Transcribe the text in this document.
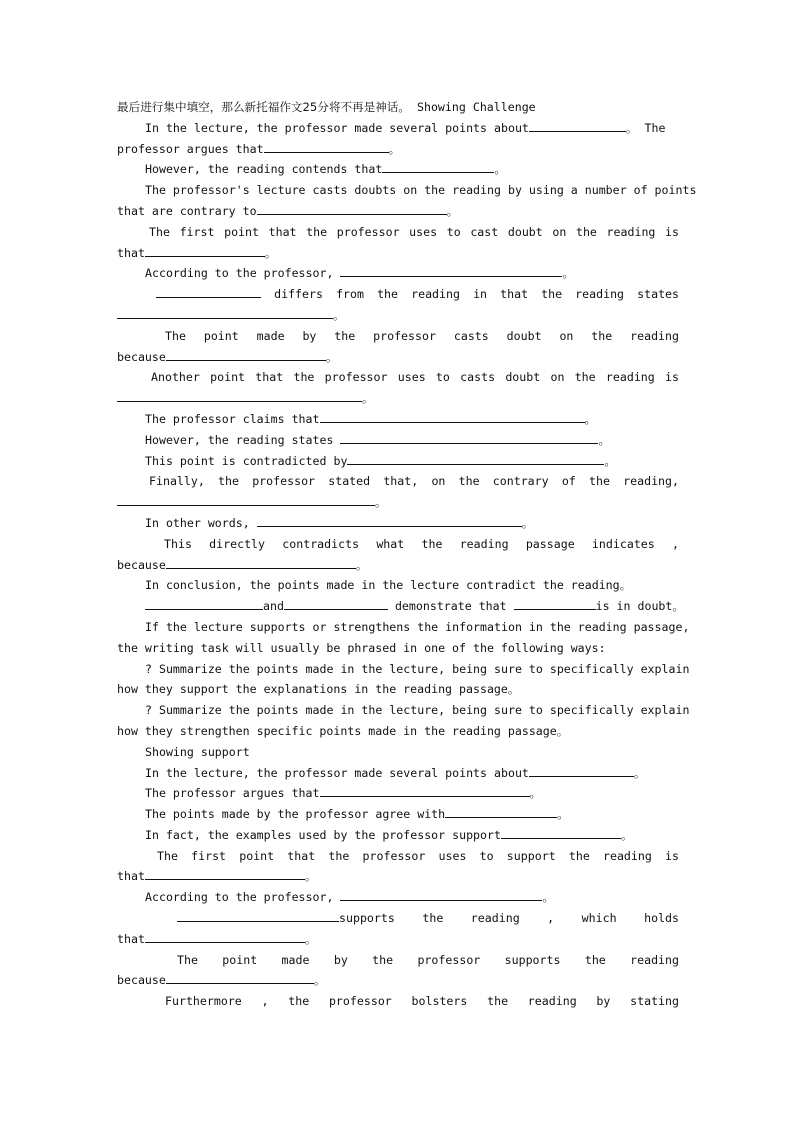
最后进行集中填空，那么新托福作文25分将不再是神话。 Showing Challenge
In the lecture, the professor made several points about	。 The
professor argues that	。
However, the reading contends that	。
The professor's lecture casts doubts on the reading by using a number of points
that are contrary to	。
The first point that the professor uses to cast doubt on the reading is
that	。
According to the professor,	。
differs from the reading in that the reading states
。
The point made by the professor casts doubt on the reading
because	。
Another point that the professor uses to casts doubt on the reading is
。
The professor claims that	。
However, the reading states	。
This point is contradicted by	。
Finally, the professor stated that, on the contrary of the reading,
。
In other words,	。
This directly contradicts what the reading passage indicates ,
because	。
In conclusion, the points made in the lecture contradict the reading。
and	demonstrate that	is in doubt。
If the lecture supports or strengthens the information in the reading passage,
the writing task will usually be phrased in one of the following ways:
? Summarize the points made in the lecture, being sure to specifically explain
how they support the explanations in the reading passage。
? Summarize the points made in the lecture, being sure to specifically explain
how they strengthen specific points made in the reading passage。
Showing support
In the lecture, the professor made several points about	。
The professor argues that	。
The points made by the professor agree with	。
In fact, the examples used by the professor support	。
The first point that the professor uses to support the reading is
that	。
According to the professor,	。
supports the reading , which holds
that	。
The point made by the professor supports the reading
because	。
Furthermore , the professor bolsters the reading by stating
